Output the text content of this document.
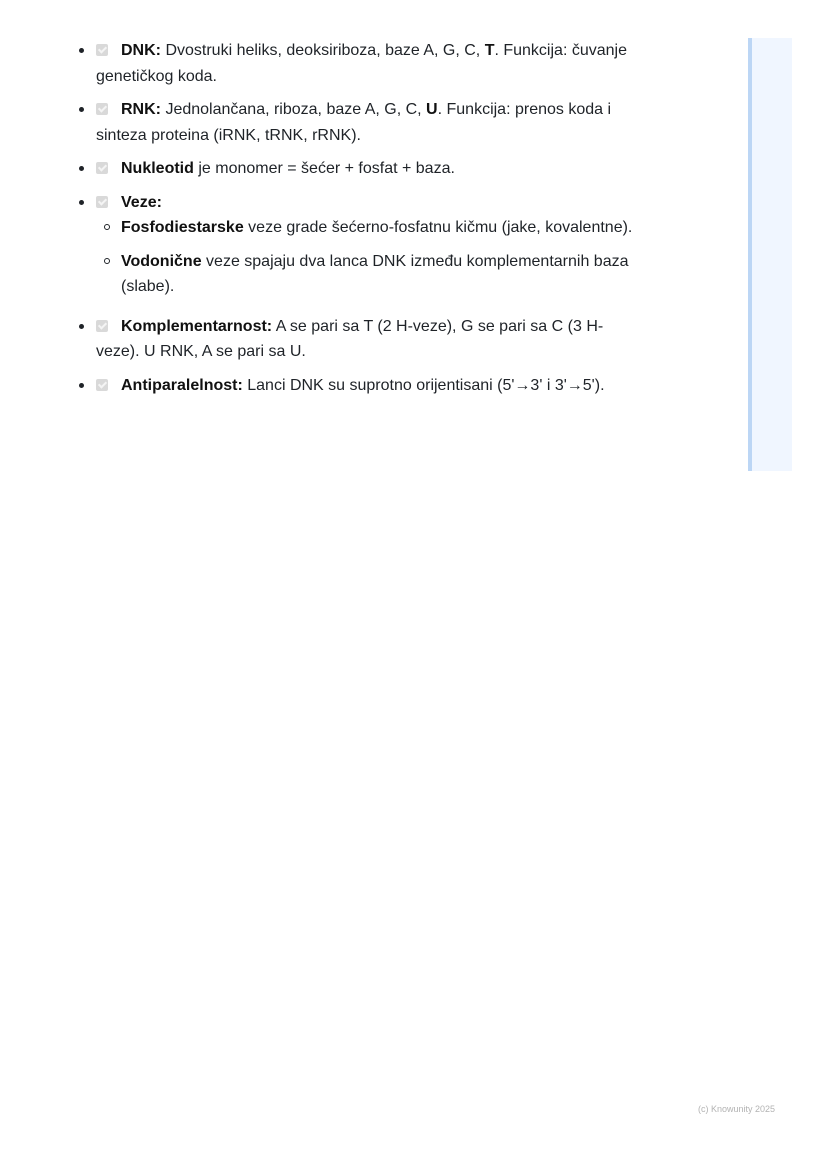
DNK: Dvostruki heliks, deoksiriboza, baze A, G, C, T. Funkcija: čuvanje genetičkog koda.
RNK: Jednolančana, riboza, baze A, G, C, U. Funkcija: prenos koda i sinteza proteina (iRNK, tRNK, rRNK).
Nukleotid je monomer = šećer + fosfat + baza.
Veze:
Fosfodiestarske veze grade šećerno-fosfatnu kičmu (jake, kovalentne).
Vodonične veze spajaju dva lanca DNK između komplementarnih baza (slabe).
Komplementarnost: A se pari sa T (2 H-veze), G se pari sa C (3 H-veze). U RNK, A se pari sa U.
Antiparalelnost: Lanci DNK su suprotno orijentisani (5'→3' i 3'→5').
(c) Knowunity 2025
